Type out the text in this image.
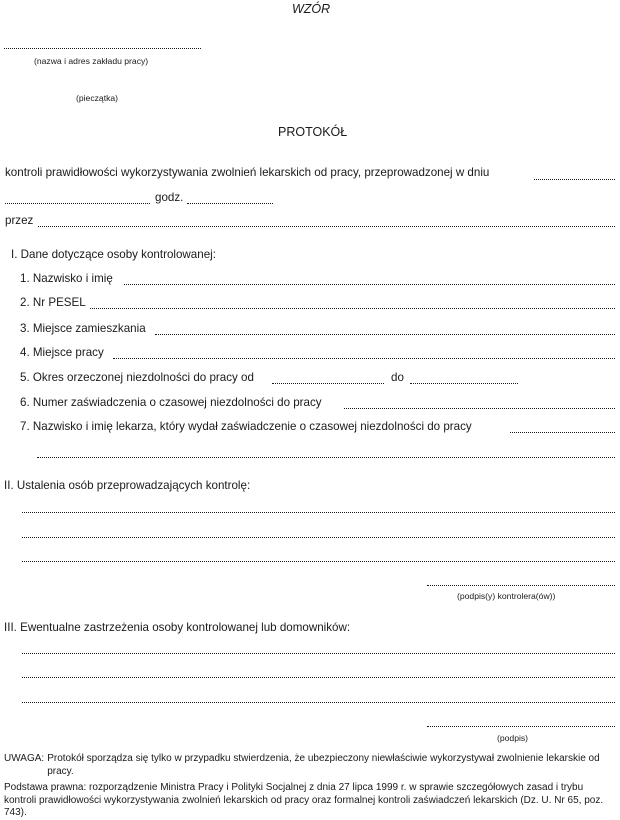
WZÓR
(nazwa i adres zakładu pracy)
(pieczątka)
PROTOKÓŁ
kontroli prawidłowości wykorzystywania zwolnień lekarskich od pracy, przeprowadzonej w dniu
godz.
przez
I. Dane dotyczące osoby kontrolowanej:
1. Nazwisko i imię
2. Nr PESEL
3. Miejsce zamieszkania
4. Miejsce pracy
5. Okres orzeczonej niezdolności do pracy od	do
6. Numer zaświadczenia o czasowej niezdolności do pracy
7. Nazwisko i imię lekarza, który wydał zaświadczenie o czasowej niezdolności do pracy
II. Ustalenia osób przeprowadzających kontrolę:
(podpis(y) kontrolera(ów))
III. Ewentualne zastrzeżenia osoby kontrolowanej lub domowników:
(podpis)
UWAGA: Protokół sporządza się tylko w przypadku stwierdzenia, że ubezpieczony niewłaściwie wykorzystywał zwolnienie lekarskie od pracy.
Podstawa prawna: rozporządzenie Ministra Pracy i Polityki Socjalnej z dnia 27 lipca 1999 r. w sprawie szczegółowych zasad i trybu kontroli prawidłowości wykorzystywania zwolnień lekarskich od pracy oraz formalnej kontroli zaświadczeń lekarskich (Dz. U. Nr 65, poz. 743).
